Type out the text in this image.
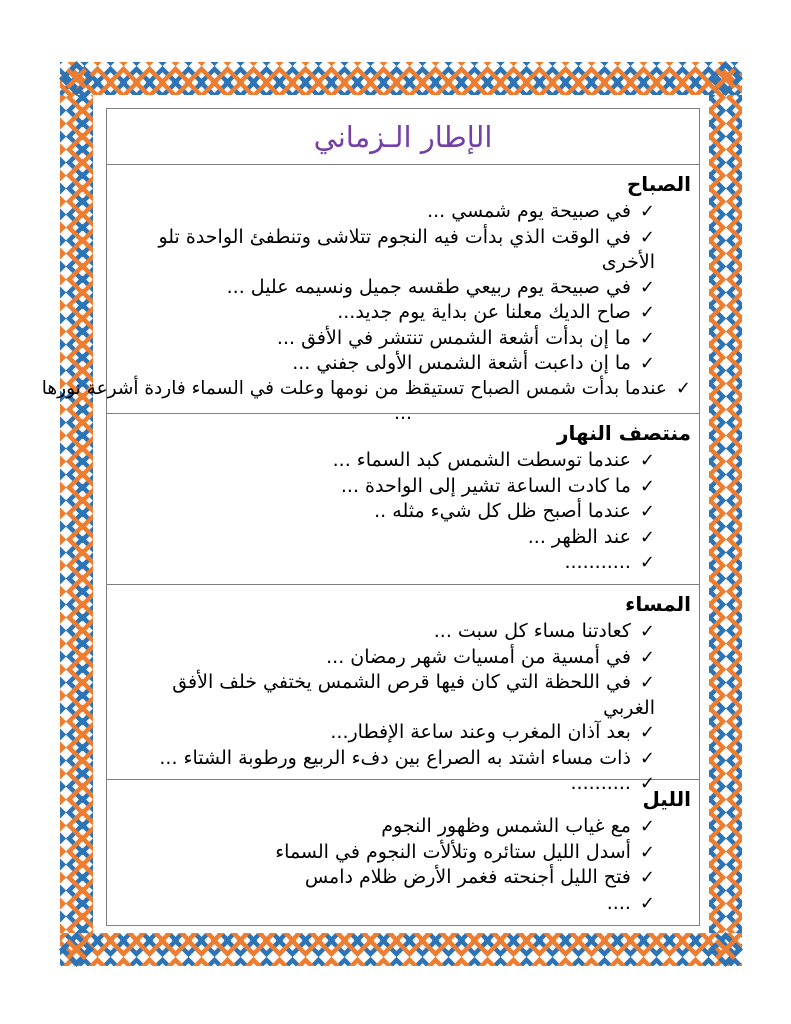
الإطار الـزماني
الصباح
✓في صبيحة يوم شمسي ...
✓في الوقت الذي بدأت فيه النجوم تتلاشى وتنطفئ الواحدة تلو الأخرى
✓في صبيحة يوم ربيعي طقسه جميل ونسيمه عليل ...
✓صاح الديك معلنا عن بداية يوم جديد...
✓ما إن بدأت أشعة الشمس تنتشر في الأفق ...
✓ما إن داعبت أشعة الشمس الأولى جفني ...
✓عندما بدأت شمس الصباح تستيقظ من نومها وعلت في السماء فاردة أشرعة نورها
...
منتصف النهار
✓عندما توسطت الشمس كبد السماء ...
✓ما كادت الساعة تشير إلى الواحدة ...
✓عندما أصبح ظل كل شيء مثله ..
✓عند الظهر ...
✓...........
المساء
✓كعادتنا مساء كل سبت ...
✓في أمسية من أمسيات شهر رمضان ...
✓في اللحظة التي كان فيها قرص الشمس يختفي خلف الأفق الغربي
✓بعد آذان المغرب وعند ساعة الإفطار...
✓ذات مساء اشتد به الصراع بين دفء الربيع ورطوبة الشتاء ...
✓..........
الليل
✓مع غياب الشمس وظهور النجوم
✓أسدل الليل ستائره وتلألأت النجوم في السماء
✓فتح الليل أجنحته فغمر الأرض ظلام دامس
✓....
